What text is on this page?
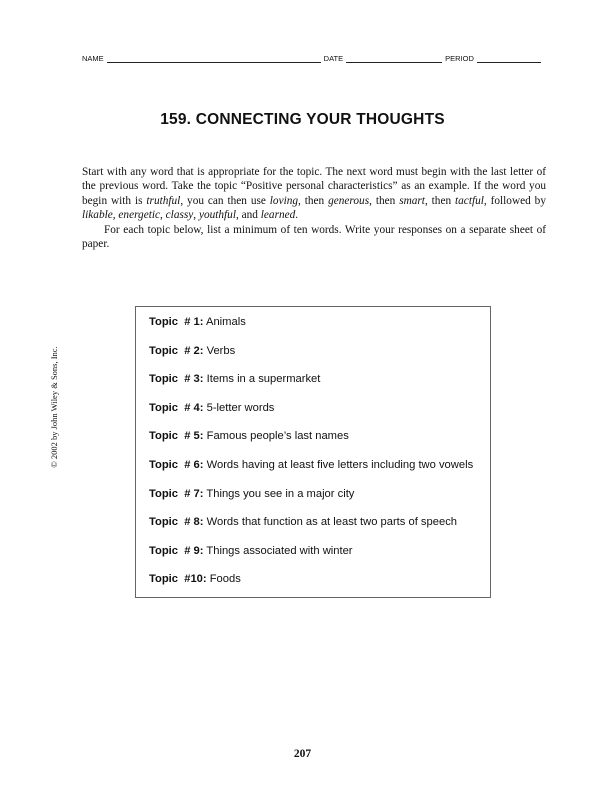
NAME	DATE	PERIOD
159. CONNECTING YOUR THOUGHTS

Start with any word that is appropriate for the topic. The next word must begin with the last letter of the previous word. Take the topic “Positive personal characteristics” as an example. If the word you begin with is truthful, you can then use loving, then generous, then smart, then tactful, followed by likable, energetic, classy, youthful, and learned.

For each topic below, list a minimum of ten words. Write your responses on a separate sheet of paper.

© 2002 by John Wiley & Sons, Inc.
Topic  # 1: Animals
Topic  # 2: Verbs
Topic  # 3: Items in a supermarket
Topic  # 4: 5-letter words
Topic  # 5: Famous people’s last names
Topic  # 6: Words having at least five letters including two vowels
Topic  # 7: Things you see in a major city
Topic  # 8: Words that function as at least two parts of speech
Topic  # 9: Things associated with winter
Topic  #10: Foods
207
